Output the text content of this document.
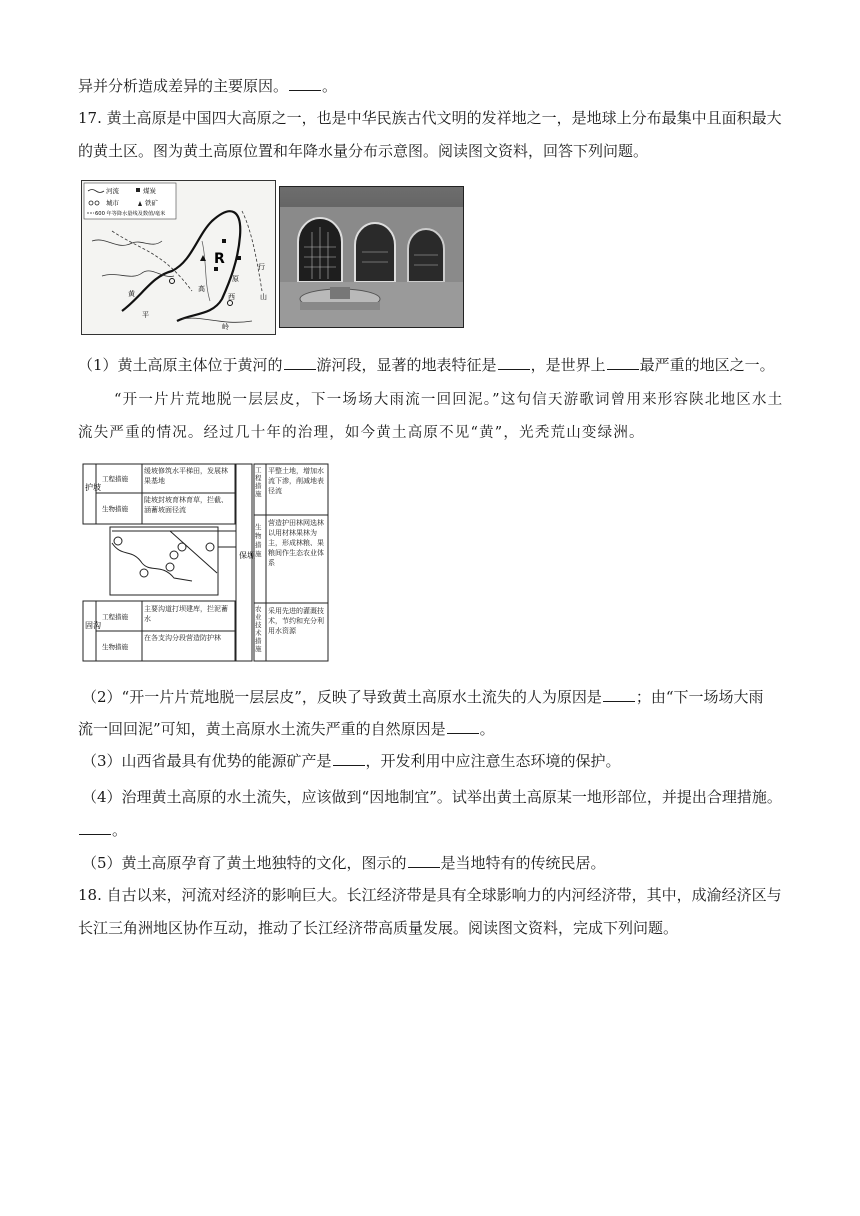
异并分析造成差异的主要原因。 。
17. 黄土高原是中国四大高原之一，也是中华民族古代文明的发祥地之一，是地球上分布最集中且面积最大
的黄土区。图为黄土高原位置和年降水量分布示意图。阅读图文资料，回答下列问题。
河流	煤炭
城市	铁矿
600 年等降水量线及数值/毫米
R
西
黄
高
原
行
山
岭
平
（1）黄土高原主体位于黄河的 游河段，显著的地表特征是 ，是世界上 最严重的地区之一。
“开一片片荒地脱一层层皮，下一场场大雨流一回回泥。”这句信天游歌词曾用来形容陕北地区水土
流失严重的情况。经过几十年的治理，如今黄土高原不见“黄”，光秃荒山变绿洲。
护坡
工程措施
生物措施
缓坡修筑水平梯田，发展林果基地
陡坡封坡育林育草，拦截、涵蓄坡面径流
固沟
工程措施
生物措施
主要沟道打坝建库，拦泥蓄水
在各支沟分段营造防护林
保塬
工程措施
生物措施
农业技术措施
平整土地，增加水流下渗，削减地表径流
营造护田林网选林以用材林果林为主，形成林粮、果粮间作生态农业体系
采用先进的灌溉技术，节约和充分利用水资源
（2）“开一片片荒地脱一层层皮”，反映了导致黄土高原水土流失的人为原因是 ；由“下一场场大雨
流一回回泥”可知，黄土高原水土流失严重的自然原因是 。
（3）山西省最具有优势的能源矿产是 ，开发利用中应注意生态环境的保护。
（4）治理黄土高原的水土流失，应该做到“因地制宜”。试举出黄土高原某一地形部位，并提出合理措施。
。
（5）黄土高原孕育了黄土地独特的文化，图示的 是当地特有的传统民居。
18. 自古以来，河流对经济的影响巨大。长江经济带是具有全球影响力的内河经济带，其中，成渝经济区与
长江三角洲地区协作互动，推动了长江经济带高质量发展。阅读图文资料，完成下列问题。
